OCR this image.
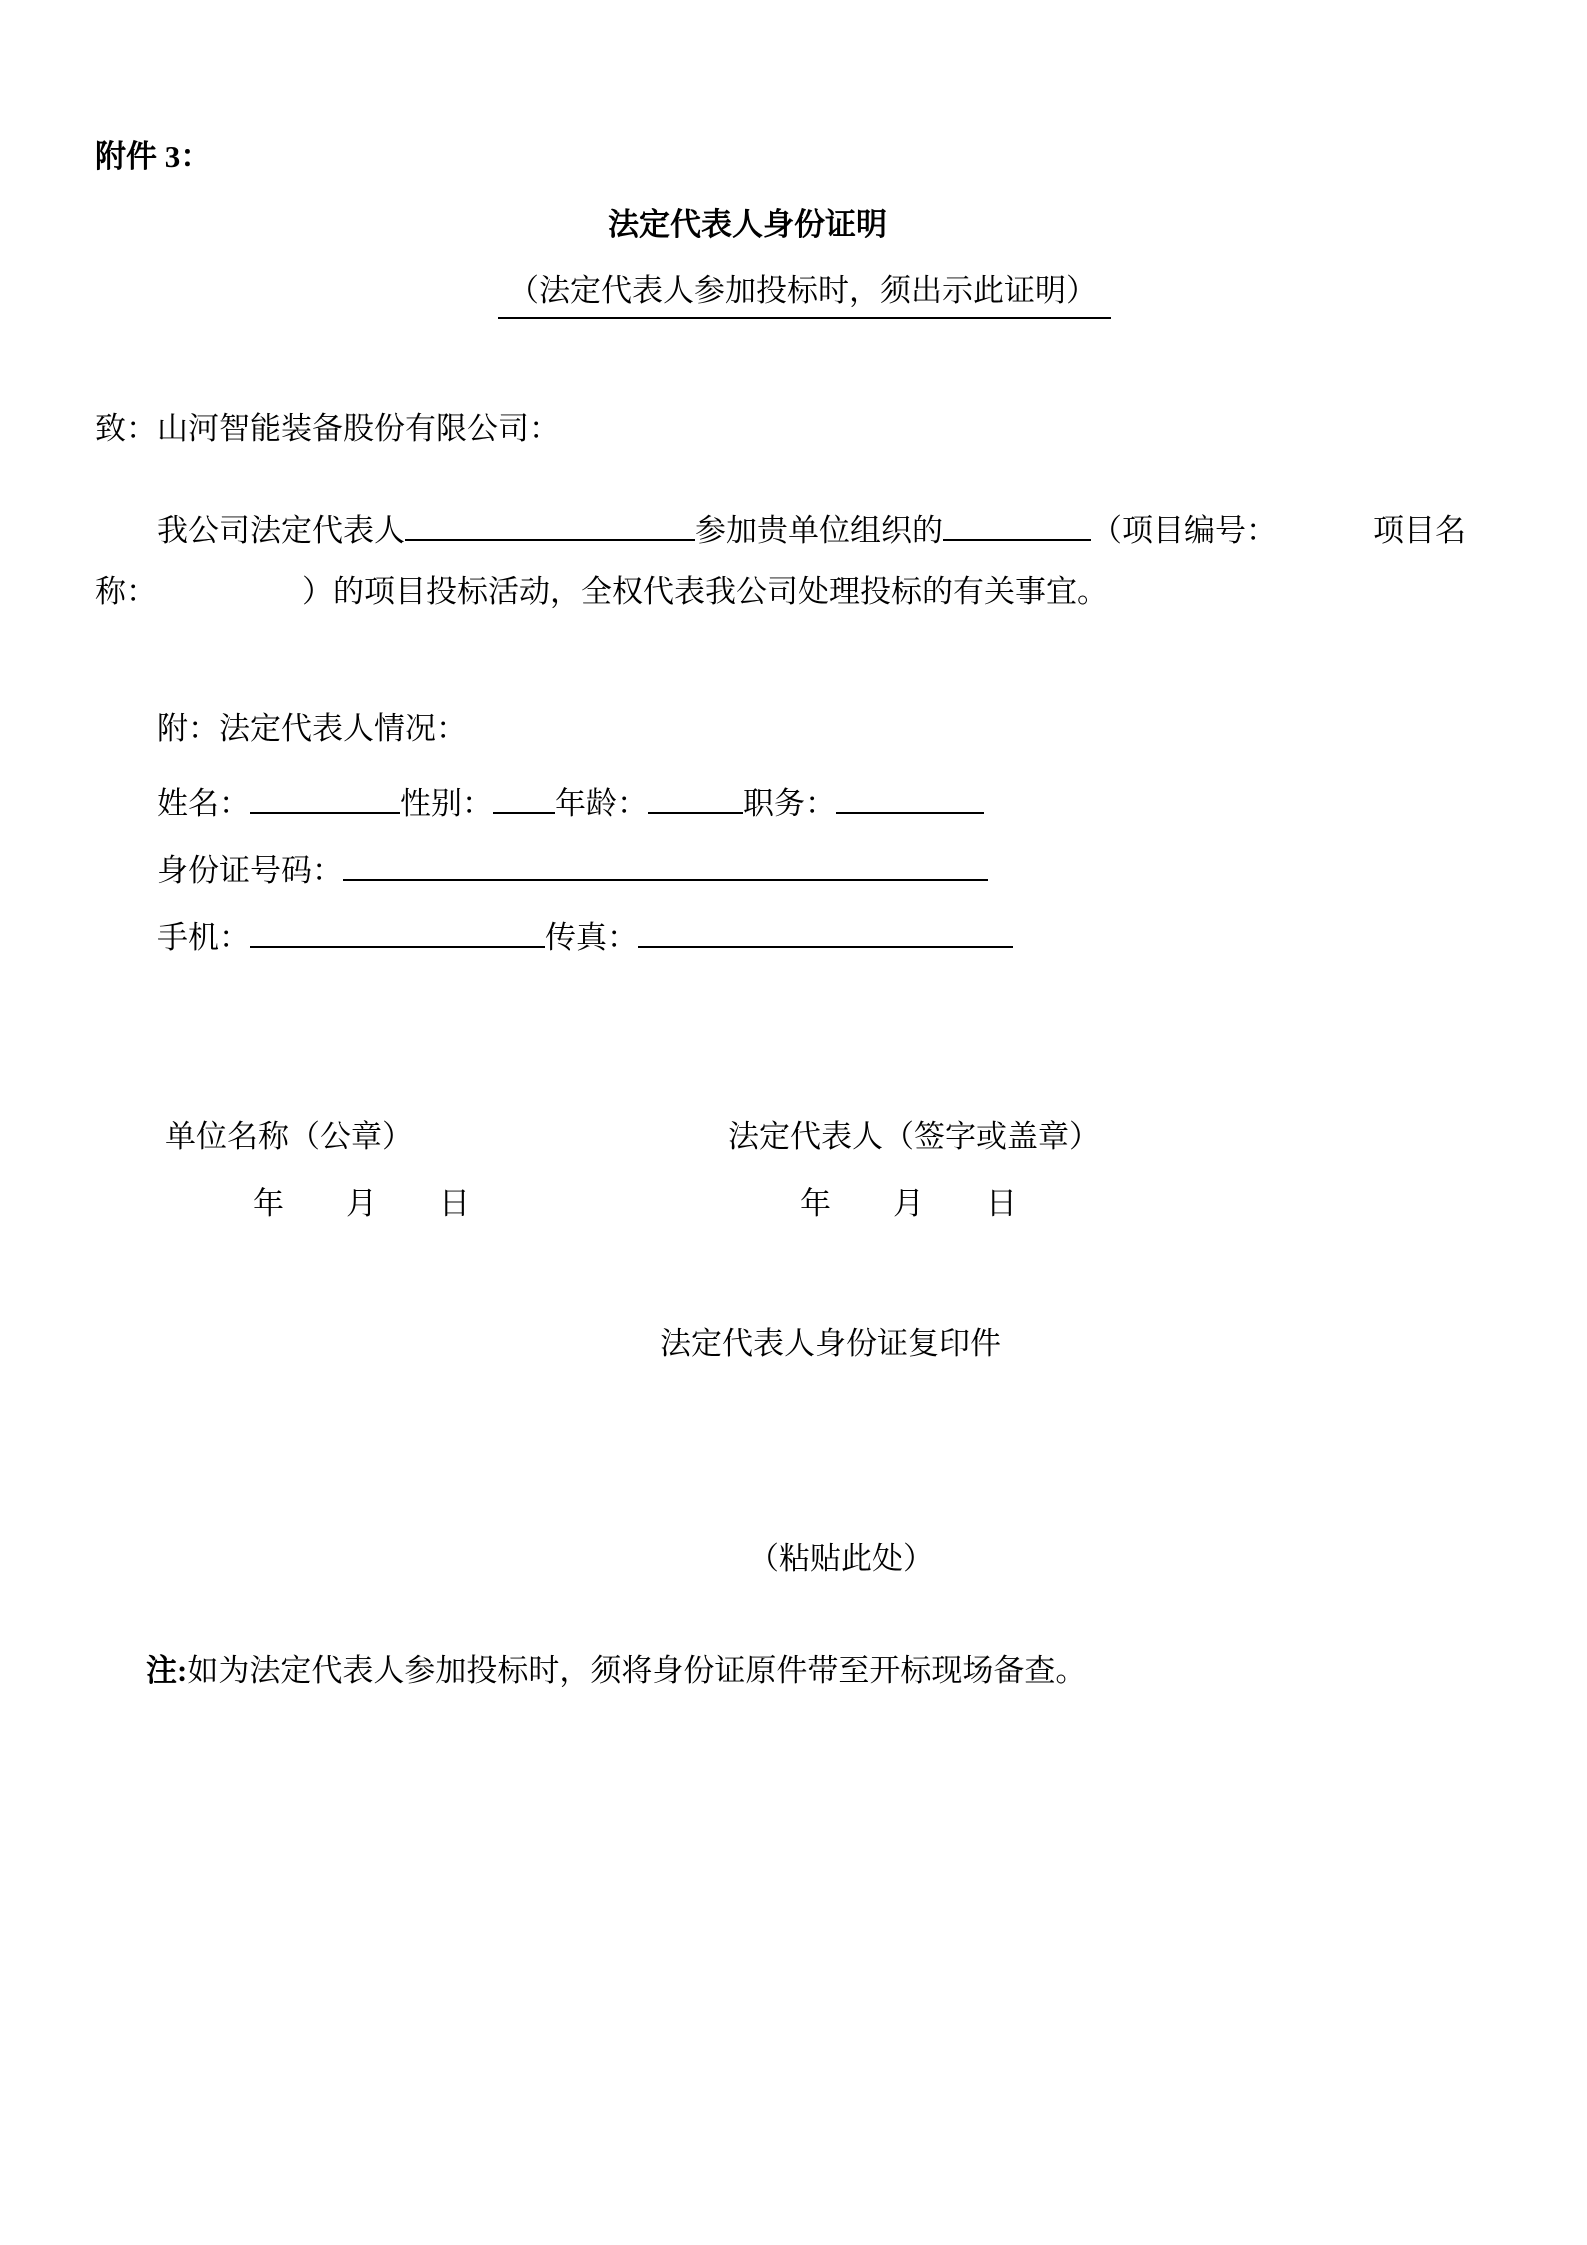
附件 3：
法定代表人身份证明
（法定代表人参加投标时，须出示此证明）
致：山河智能装备股份有限公司：
我公司法定代表人	参加贵单位组织的	（项目编号：	项目名
称：	）的项目投标活动，全权代表我公司处理投标的有关事宜。
附：法定代表人情况：
姓名：	性别： 年龄：	职务：
身份证号码：
手机：	传真：
单位名称（公章）	法定代表人（签字或盖章）
年　　月　　日	年　　月　　日
法定代表人身份证复印件
（粘贴此处）
注:如为法定代表人参加投标时，须将身份证原件带至开标现场备查。
